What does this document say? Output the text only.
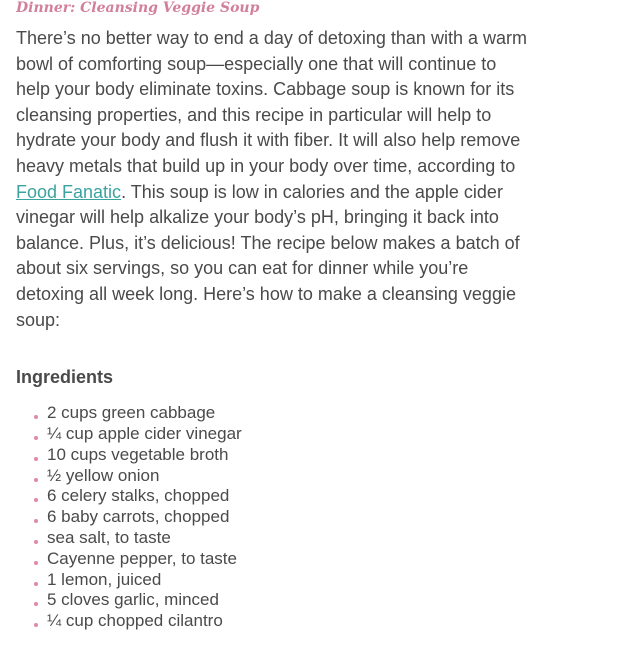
Dinner: Cleansing Veggie Soup

There’s no better way to end a day of detoxing than with a warm bowl of comforting soup—especially one that will continue to help your body eliminate toxins. Cabbage soup is known for its cleansing properties, and this recipe in particular will help to hydrate your body and flush it with fiber. It will also help remove heavy metals that build up in your body over time, according to Food Fanatic. This soup is low in calories and the apple cider vinegar will help alkalize your body’s pH, bringing it back into balance. Plus, it’s delicious! The recipe below makes a batch of about six servings, so you can eat for dinner while you’re detoxing all week long. Here’s how to make a cleansing veggie soup:

Ingredients
2 cups green cabbage
¼ cup apple cider vinegar
10 cups vegetable broth
½ yellow onion
6 celery stalks, chopped
6 baby carrots, chopped
sea salt, to taste
Cayenne pepper, to taste
1 lemon, juiced
5 cloves garlic, minced
¼ cup chopped cilantro
